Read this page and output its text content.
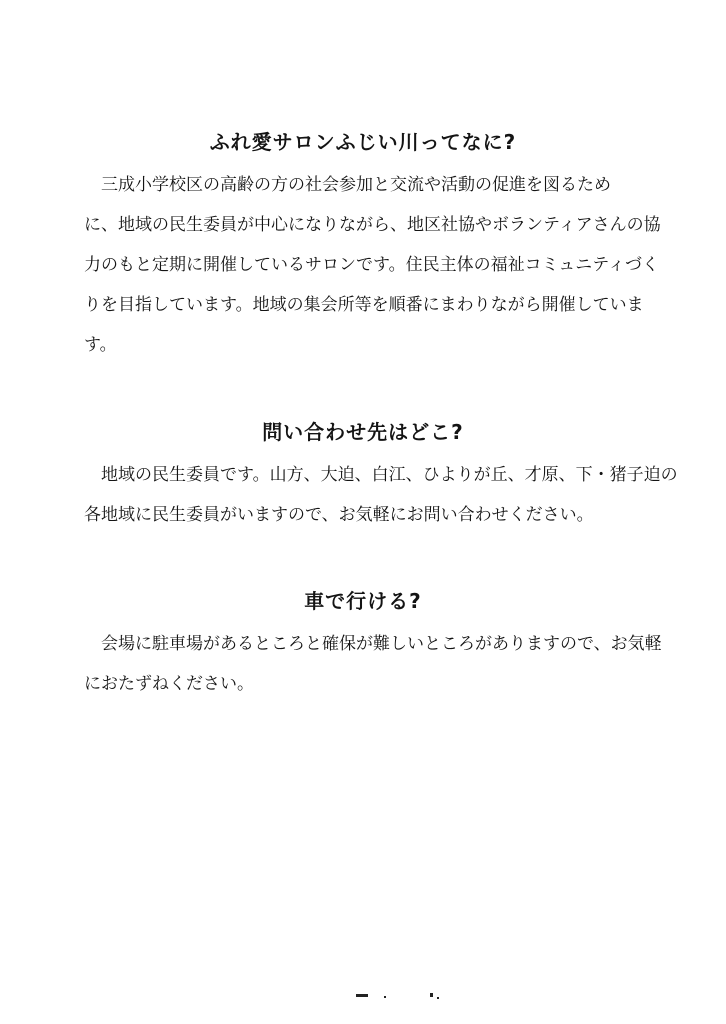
ふれ愛サロンふじい川ってなに?
　三成小学校区の高齢の方の社会参加と交流や活動の促進を図るため
に、地域の民生委員が中心になりながら、地区社協やボランティアさんの協
力のもと定期に開催しているサロンです。住民主体の福祉コミュニティづく
りを目指しています。地域の集会所等を順番にまわりながら開催していま
す。
問い合わせ先はどこ?
　地域の民生委員です。山方、大迫、白江、ひよりが丘、才原、下・猪子迫の
各地域に民生委員がいますので、お気軽にお問い合わせください。
車で行ける?
　会場に駐車場があるところと確保が難しいところがありますので、お気軽
におたずねください。
